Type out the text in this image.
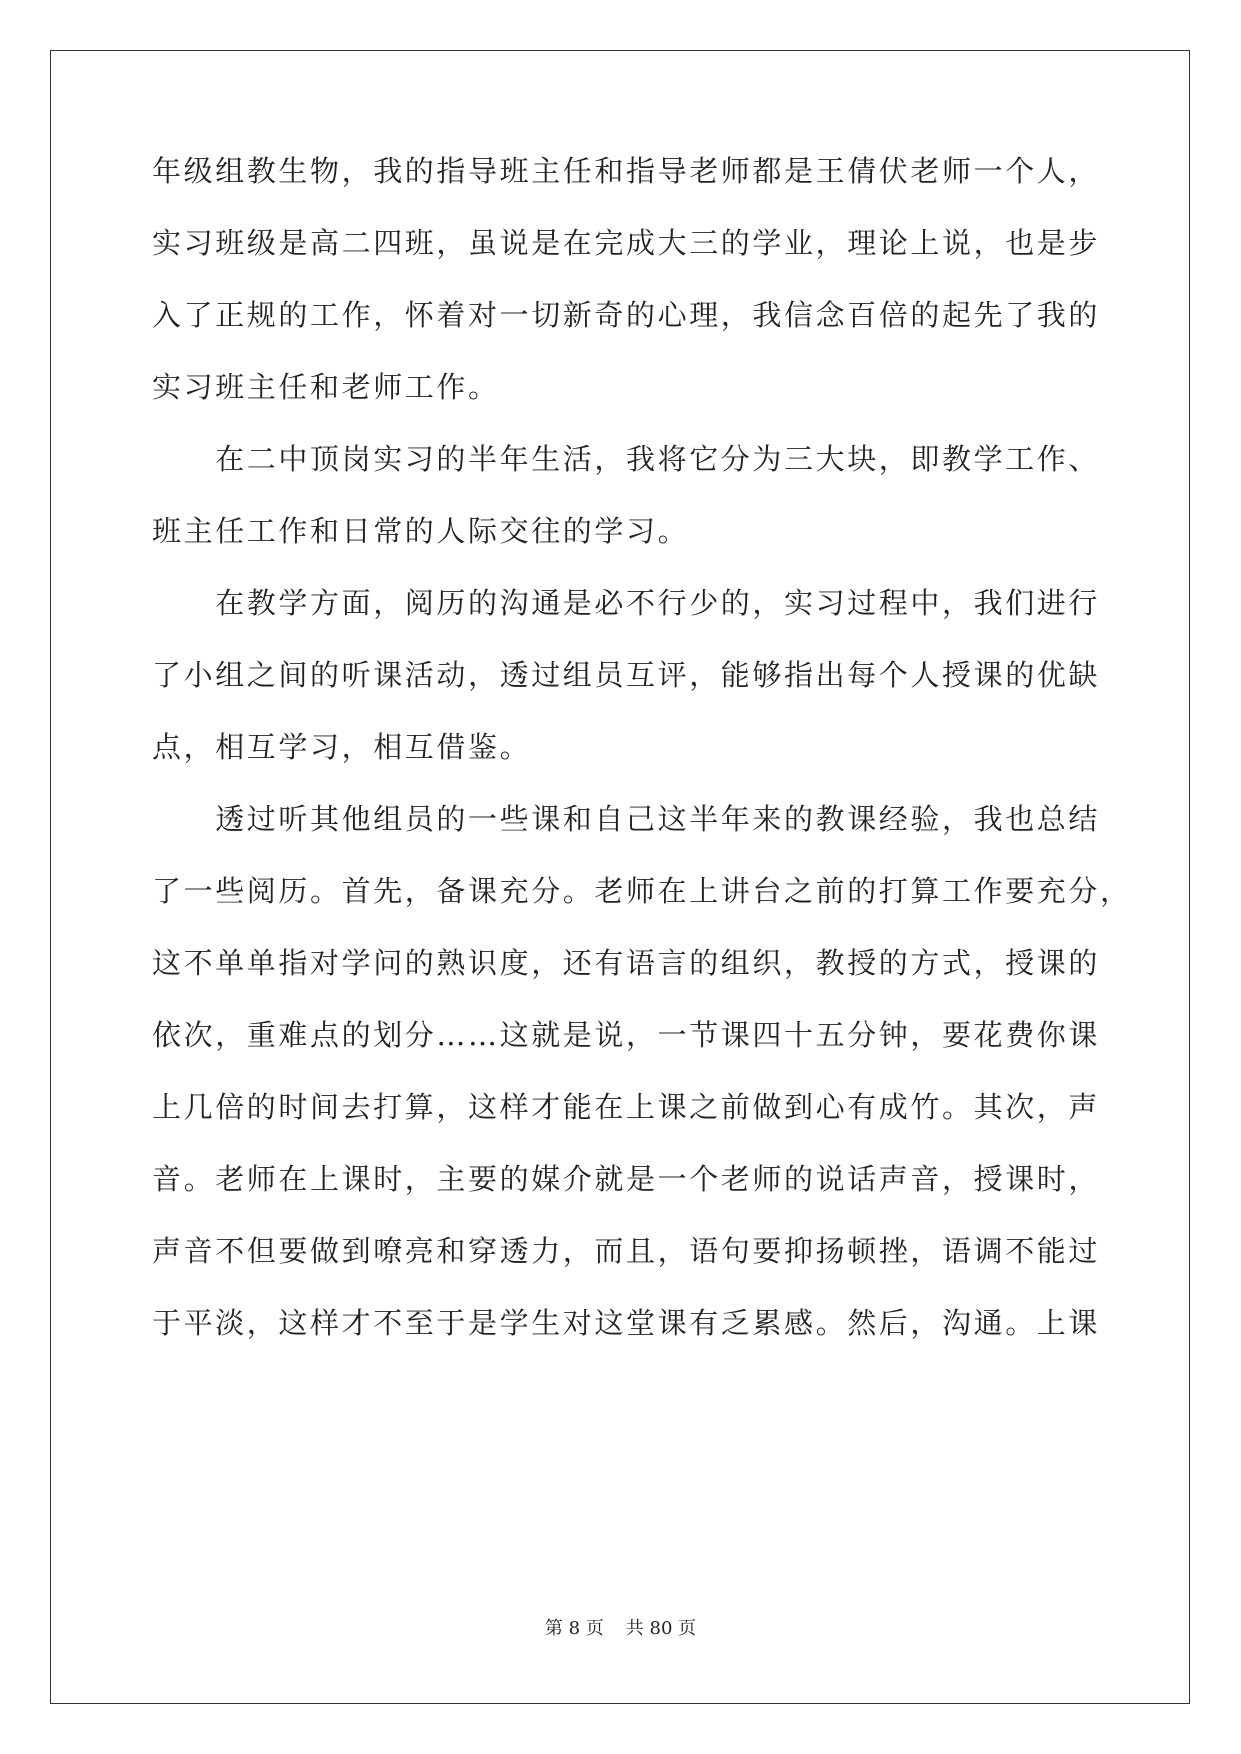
年级组教生物，我的指导班主任和指导老师都是王倩伏老师一个人，
实习班级是高二四班，虽说是在完成大三的学业，理论上说，也是步
入了正规的工作，怀着对一切新奇的心理，我信念百倍的起先了我的
实习班主任和老师工作。
　　在二中顶岗实习的半年生活，我将它分为三大块，即教学工作、
班主任工作和日常的人际交往的学习。
　　在教学方面，阅历的沟通是必不行少的，实习过程中，我们进行
了小组之间的听课活动，透过组员互评，能够指出每个人授课的优缺
点，相互学习，相互借鉴。
　　透过听其他组员的一些课和自己这半年来的教课经验，我也总结
了一些阅历。首先，备课充分。老师在上讲台之前的打算工作要充分，
这不单单指对学问的熟识度，还有语言的组织，教授的方式，授课的
依次，重难点的划分……这就是说，一节课四十五分钟，要花费你课
上几倍的时间去打算，这样才能在上课之前做到心有成竹。其次，声
音。老师在上课时，主要的媒介就是一个老师的说话声音，授课时，
声音不但要做到嘹亮和穿透力，而且，语句要抑扬顿挫，语调不能过
于平淡，这样才不至于是学生对这堂课有乏累感。然后，沟通。上课
第 8 页 共 80 页
